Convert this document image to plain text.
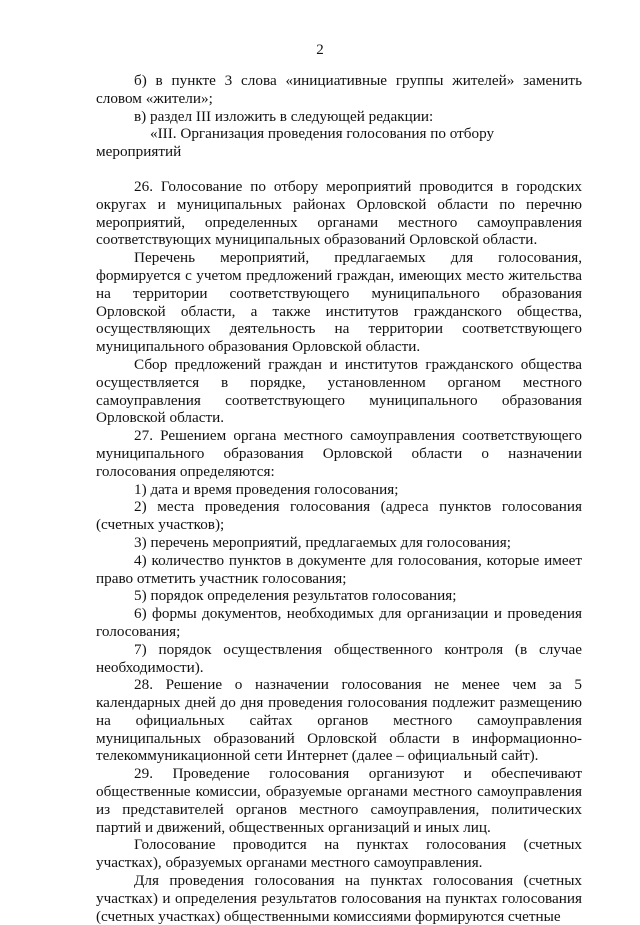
2

б) в пункте 3 слова «инициативные группы жителей» заменить словом «жители»;

в) раздел III изложить в следующей редакции:

«III. Организация проведения голосования по отбору мероприятий

26. Голосование по отбору мероприятий проводится в городских округах и муниципальных районах Орловской области по перечню мероприятий, определенных органами местного самоуправления соответствующих муниципальных образований Орловской области.

Перечень мероприятий, предлагаемых для голосования, формируется с учетом предложений граждан, имеющих место жительства на территории соответствующего муниципального образования Орловской области, а также институтов гражданского общества, осуществляющих деятельность на территории соответствующего муниципального образования Орловской области.

Сбор предложений граждан и институтов гражданского общества осуществляется в порядке, установленном органом местного самоуправления соответствующего муниципального образования Орловской области.

27. Решением органа местного самоуправления соответствующего муниципального образования Орловской области о назначении голосования определяются:

1) дата и время проведения голосования;

2) места проведения голосования (адреса пунктов голосования (счетных участков);

3) перечень мероприятий, предлагаемых для голосования;

4) количество пунктов в документе для голосования, которые имеет право отметить участник голосования;

5) порядок определения результатов голосования;

6) формы документов, необходимых для организации и проведения голосования;

7) порядок осуществления общественного контроля (в случае необходимости).

28. Решение о назначении голосования не менее чем за 5 календарных дней до дня проведения голосования подлежит размещению на официальных сайтах органов местного самоуправления муниципальных образований Орловской области в информационно-телекоммуникационной сети Интернет (далее – официальный сайт).

29. Проведение голосования организуют и обеспечивают общественные комиссии, образуемые органами местного самоуправления из представителей органов местного самоуправления, политических партий и движений, общественных организаций и иных лиц.

Голосование проводится на пунктах голосования (счетных участках), образуемых органами местного самоуправления.

Для проведения голосования на пунктах голосования (счетных участках) и определения результатов голосования на пунктах голосования (счетных участках) общественными комиссиями формируются счетные
